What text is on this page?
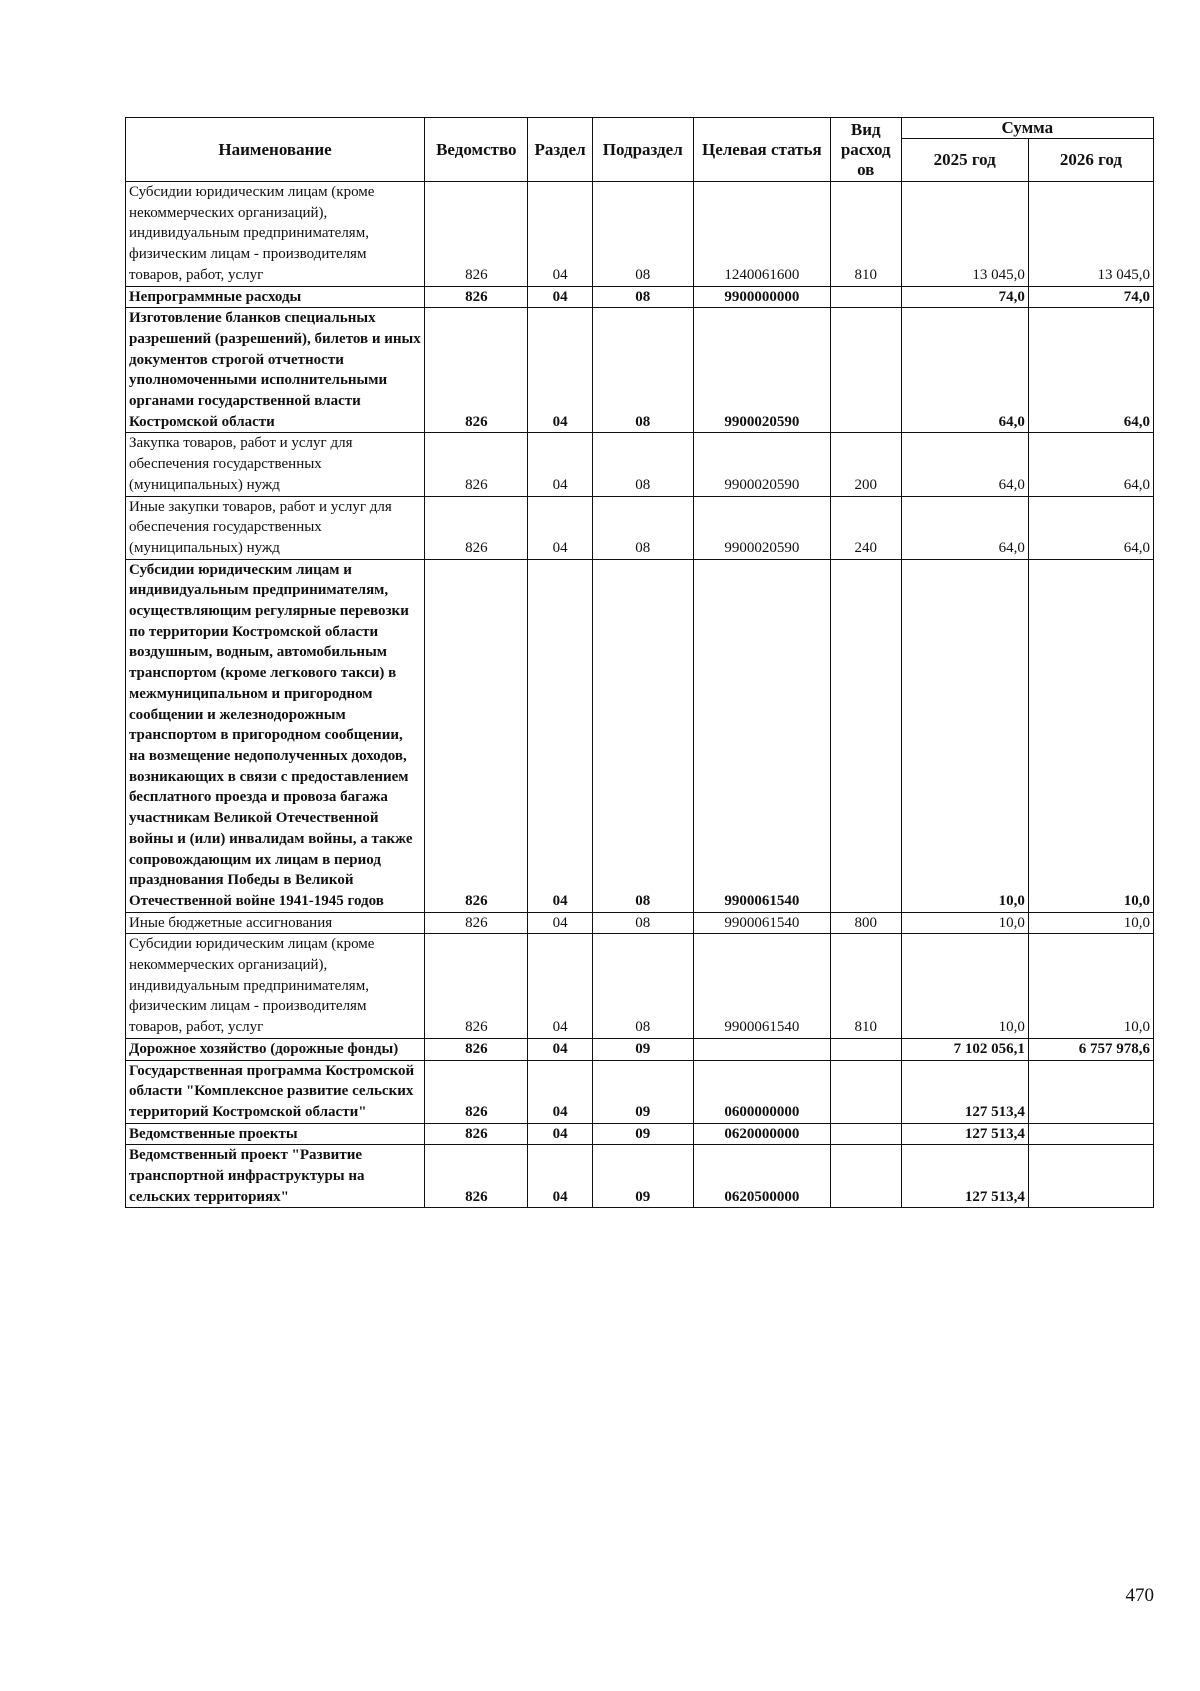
Наименование	Ведомство	Раздел	Подраздел	Целевая статья	Вид расход ов	Сумма	
						2025 год	2026 год
Субсидии юридическим лицам (кроме некоммерческих организаций), индивидуальным предпринимателям, физическим лицам - производителям товаров, работ, услуг	826	04	08	1240061600	810	13 045,0	13 045,0
Непрограммные расходы	826	04	08	9900000000		74,0	74,0
Изготовление бланков специальных разрешений (разрешений), билетов и иных документов строгой отчетности уполномоченными исполнительными органами государственной власти Костромской области	826	04	08	9900020590		64,0	64,0
Закупка товаров, работ и услуг для обеспечения государственных (муниципальных) нужд	826	04	08	9900020590	200	64,0	64,0
Иные закупки товаров, работ и услуг для обеспечения государственных (муниципальных) нужд	826	04	08	9900020590	240	64,0	64,0
Субсидии юридическим лицам и индивидуальным предпринимателям, осуществляющим регулярные перевозки по территории Костромской области воздушным, водным, автомобильным транспортом (кроме легкового такси) в межмуниципальном и пригородном сообщении и железнодорожным транспортом в пригородном сообщении, на возмещение недополученных доходов, возникающих в связи с предоставлением бесплатного проезда и провоза багажа участникам Великой Отечественной войны и (или) инвалидам войны, а также сопровождающим их лицам в период празднования Победы в Великой Отечественной войне 1941-1945 годов	826	04	08	9900061540		10,0	10,0
Иные бюджетные ассигнования	826	04	08	9900061540	800	10,0	10,0
Субсидии юридическим лицам (кроме некоммерческих организаций), индивидуальным предпринимателям, физическим лицам - производителям товаров, работ, услуг	826	04	08	9900061540	810	10,0	10,0
Дорожное хозяйство (дорожные фонды)	826	04	09			7 102 056,1	6 757 978,6
Государственная программа Костромской области "Комплексное развитие сельских территорий Костромской области"	826	04	09	0600000000		127 513,4	
Ведомственные проекты	826	04	09	0620000000		127 513,4	
Ведомственный проект "Развитие транспортной инфраструктуры на сельских территориях"	826	04	09	0620500000		127 513,4	
470
